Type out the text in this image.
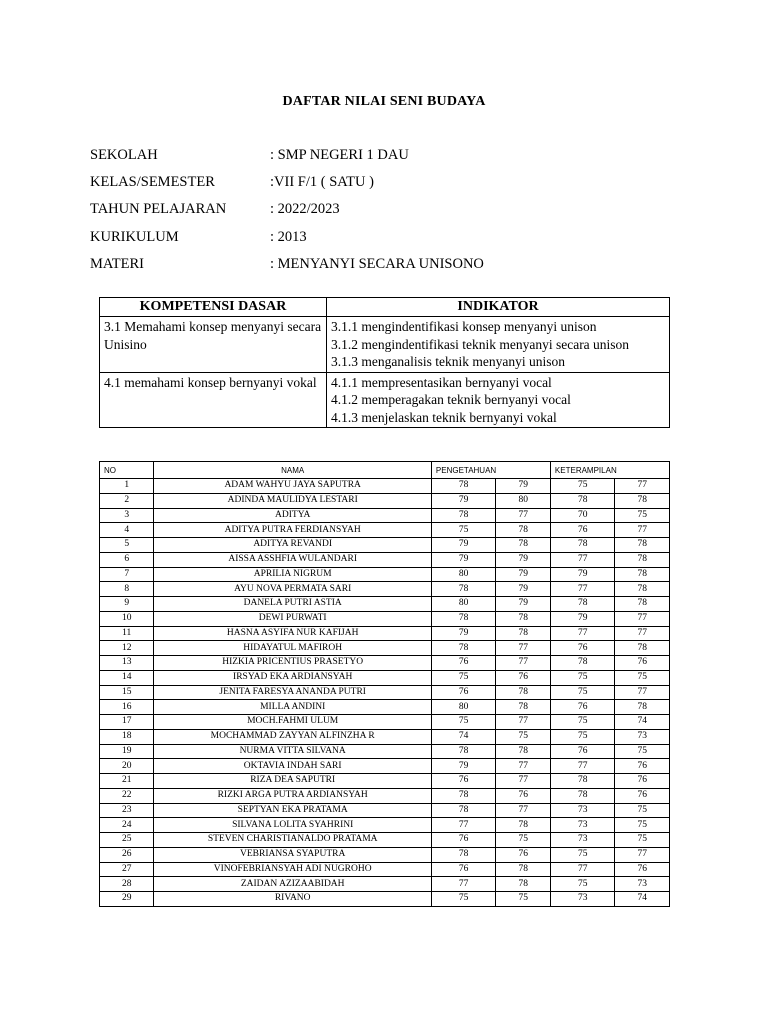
DAFTAR NILAI SENI BUDAYA
SEKOLAH	: SMP NEGERI 1 DAU
KELAS/SEMESTER	:VII F/1 ( SATU )
TAHUN PELAJARAN	: 2022/2023
KURIKULUM	: 2013
MATERI	: MENYANYI SECARA UNISONO
KOMPETENSI DASAR	INDIKATOR
3.1 Memahami konsep menyanyi secara Unisino	3.1.1 mengindentifikasi konsep menyanyi unison
3.1.2 mengindentifikasi teknik menyanyi secara unison
3.1.3 menganalisis teknik menyanyi unison

4.1 memahami konsep bernyanyi vokal	4.1.1 mempresentasikan bernyanyi vocal
4.1.2 memperagakan teknik bernyanyi vocal
4.1.3 menjelaskan teknik bernyanyi vokal
NO	NAMA	PENGETAHUAN		KETERAMPILAN	
1	ADAM WAHYU JAYA SAPUTRA	78	79	75	77
2	ADINDA MAULIDYA LESTARI	79	80	78	78
3	ADITYA	78	77	70	75
4	ADITYA PUTRA FERDIANSYAH	75	78	76	77
5	ADITYA REVANDI	79	78	78	78
6	AISSA ASSHFIA WULANDARI	79	79	77	78
7	APRILIA NIGRUM	80	79	79	78
8	AYU NOVA PERMATA SARI	78	79	77	78
9	DANELA PUTRI ASTIA	80	79	78	78
10	DEWI PURWATI	78	78	79	77
11	HASNA ASYIFA NUR KAFIJAH	79	78	77	77
12	HIDAYATUL MAFIROH	78	77	76	78
13	HIZKIA PRICENTIUS PRASETYO	76	77	78	76
14	IRSYAD EKA ARDIANSYAH	75	76	75	75
15	JENITA FARESYA ANANDA PUTRI	76	78	75	77
16	MILLA ANDINI	80	78	76	78
17	MOCH.FAHMI ULUM	75	77	75	74
18	MOCHAMMAD ZAYYAN ALFINZHA R	74	75	75	73
19	NURMA VITTA SILVANA	78	78	76	75
20	OKTAVIA INDAH SARI	79	77	77	76
21	RIZA DEA SAPUTRI	76	77	78	76
22	RIZKI ARGA PUTRA ARDIANSYAH	78	76	78	76
23	SEPTYAN EKA PRATAMA	78	77	73	75
24	SILVANA LOLITA SYAHRINI	77	78	73	75
25	STEVEN CHARISTIANALDO PRATAMA	76	75	73	75
26	VEBRIANSA SYAPUTRA	78	76	75	77
27	VINOFEBRIANSYAH ADI NUGROHO	76	78	77	76
28	ZAIDAN AZIZAABIDAH	77	78	75	73
29	RIVANO	75	75	73	74
